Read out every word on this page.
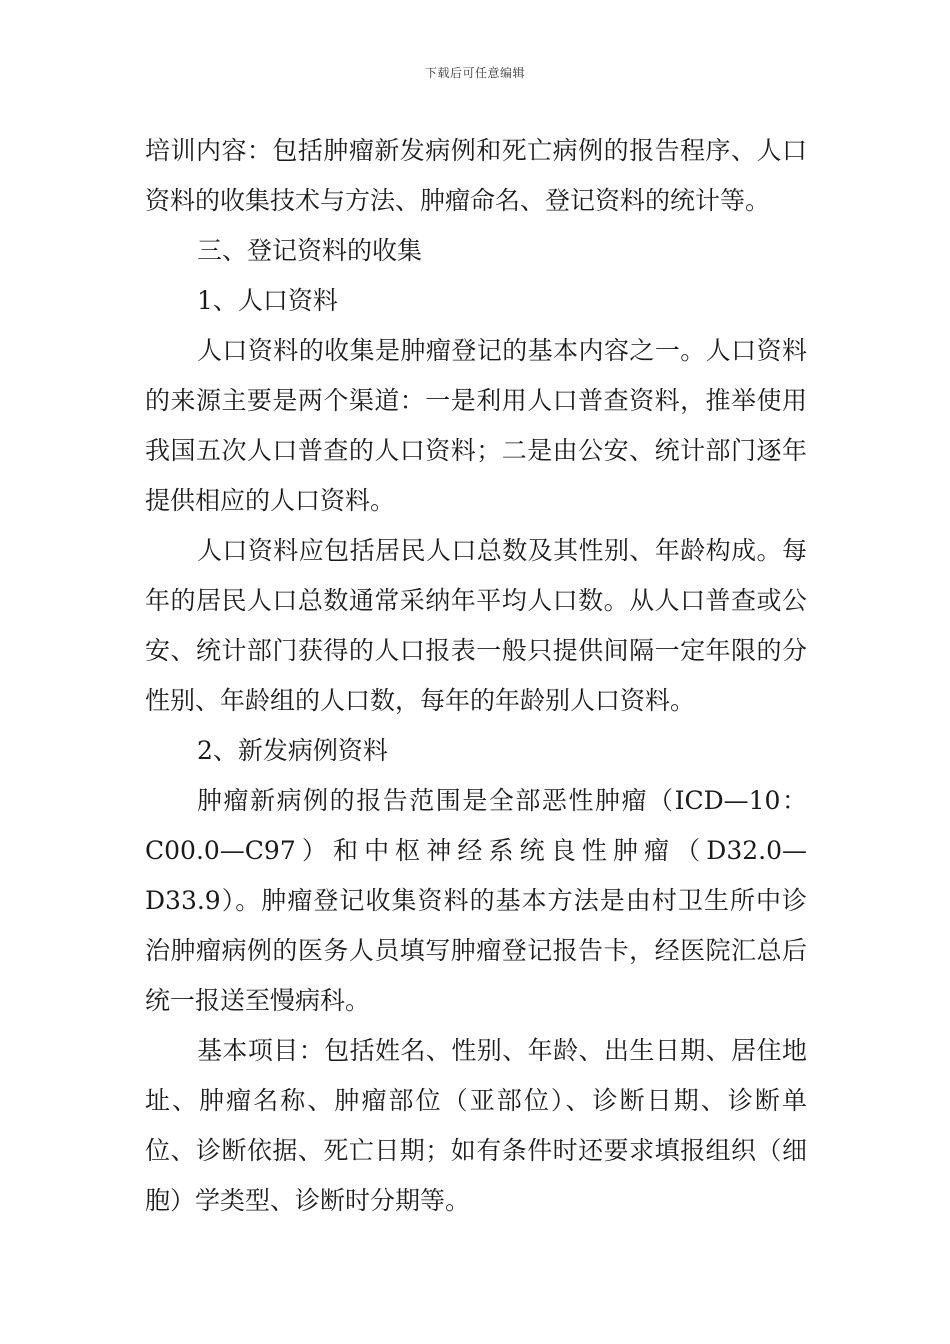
下载后可任意编辑

培训内容：包括肿瘤新发病例和死亡病例的报告程序、人口资料的收集技术与方法、肿瘤命名、登记资料的统计等。

三、登记资料的收集

1、人口资料

人口资料的收集是肿瘤登记的基本内容之一。人口资料的来源主要是两个渠道：一是利用人口普查资料，推举使用我国五次人口普查的人口资料；二是由公安、统计部门逐年提供相应的人口资料。

人口资料应包括居民人口总数及其性别、年龄构成。每年的居民人口总数通常采纳年平均人口数。从人口普查或公安、统计部门获得的人口报表一般只提供间隔一定年限的分性别、年龄组的人口数，每年的年龄别人口资料。

2、新发病例资料

肿瘤新病例的报告范围是全部恶性肿瘤（ICD—10：C00.0—C97）和中枢神经系统良性肿瘤（D32.0—D33.9）。肿瘤登记收集资料的基本方法是由村卫生所中诊治肿瘤病例的医务人员填写肿瘤登记报告卡，经医院汇总后统一报送至慢病科。

基本项目：包括姓名、性别、年龄、出生日期、居住地址、肿瘤名称、肿瘤部位（亚部位）、诊断日期、诊断单位、诊断依据、死亡日期；如有条件时还要求填报组织（细胞）学类型、诊断时分期等。
